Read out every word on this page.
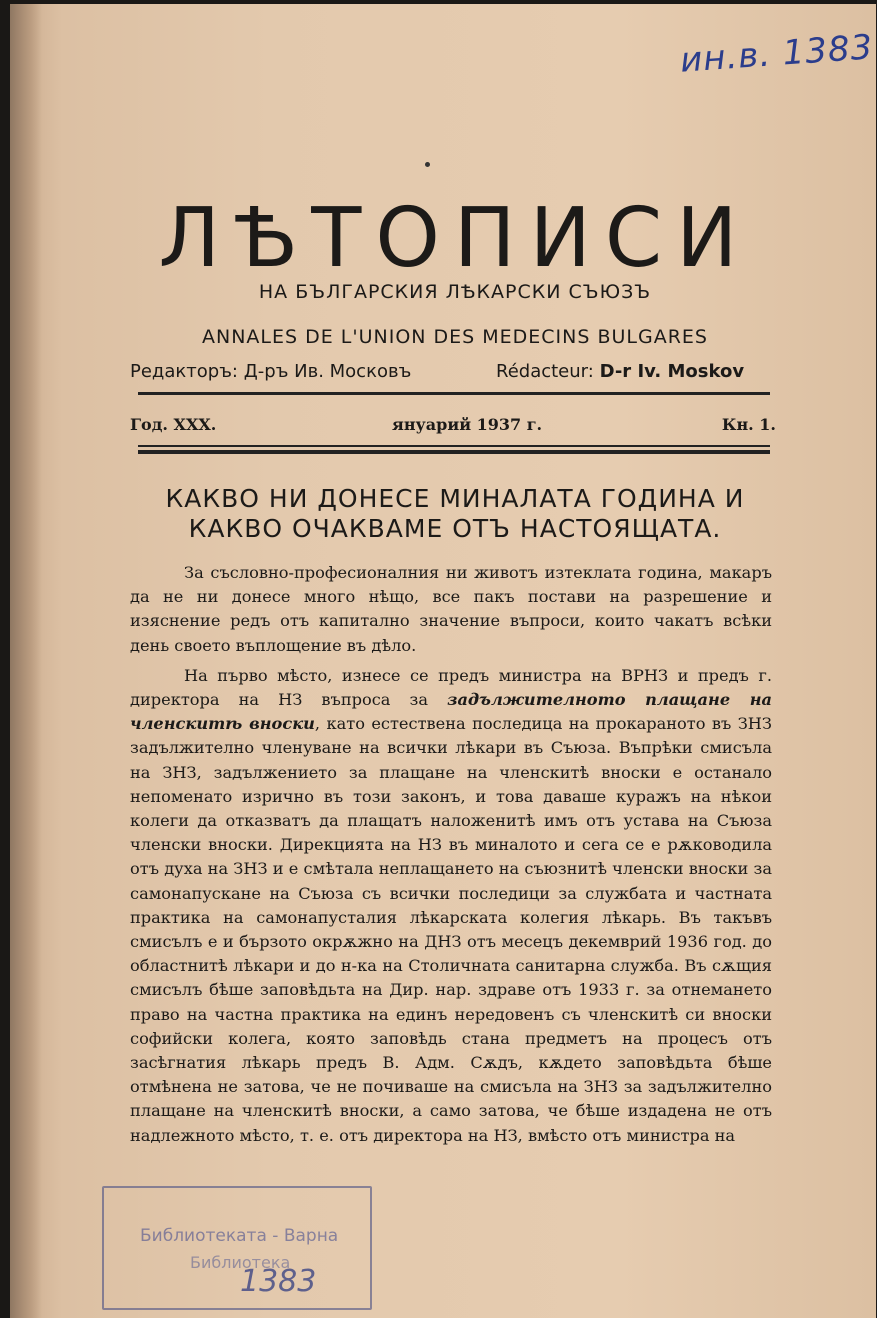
ин.в. 1383
ЛѢТОПИСИ
НА БЪЛГАРСКИЯ ЛѢКАРСКИ СЪЮЗЪ
ANNALES DE L'UNION DES MEDECINS BULGARES
Редакторъ: Д-ръ Ив. Московъ	Rédacteur: D-r Iv. Moskov
Год. XXX.	януарий 1937 г.	Кн. 1.
КАКВО НИ ДОНЕСЕ МИНАЛАТА ГОДИНА И
КАКВО ОЧАКВАМЕ ОТЪ НАСТОЯЩАТА.

За съсловно-професионалния ни животъ изтеклата година, макаръ да не ни донесе много нѣщо, все пакъ постави на разрешение и изяснение редъ отъ капитално значение въпроси, които чакатъ всѣки день своето въплощение въ дѣло.

На първо мѣсто, изнесе се предъ министра на ВРНЗ и предъ г. директора на НЗ въпроса за задължителното плащане на членскитѣ вноски, като естествена последица на прокараното въ ЗНЗ задължително членуване на всички лѣкари въ Съюза. Въпрѣки смисъла на ЗНЗ, задължението за плащане на членскитѣ вноски е останало непоменато изрично въ този законъ, и това даваше куражъ на нѣкои колеги да отказватъ да плащатъ наложенитѣ имъ отъ устава на Съюза членски вноски. Дирекцията на НЗ въ миналото и сега се е рѫководила отъ духа на ЗНЗ и е смѣтала неплащането на съюзнитѣ членски вноски за самонапускане на Съюза съ всички последици за службата и частната практика на самонапусталия лѣкарската колегия лѣкарь. Въ такъвъ смисълъ е и бързото окрѫжно на ДНЗ отъ месецъ декемврий 1936 год. до областнитѣ лѣкари и до н-ка на Столичната санитарна служба. Въ сѫщия смисълъ бѣше заповѣдьта на Дир. нар. здраве отъ 1933 г. за отнемането право на частна практика на единъ нередовенъ съ членскитѣ си вноски софийски колега, която заповѣдь стана предметъ на процесъ отъ засѣгнатия лѣкарь предъ В. Адм. Сѫдъ, кѫдето заповѣдьта бѣше отмѣнена не затова, че не почиваше на смисъла на ЗНЗ за задължително плащане на членскитѣ вноски, а само затова, че бѣше издадена не отъ надлежното мѣсто, т. е. отъ директора на НЗ, вмѣсто отъ министра на

Библиотеката - Варна
Библиотека
1383
